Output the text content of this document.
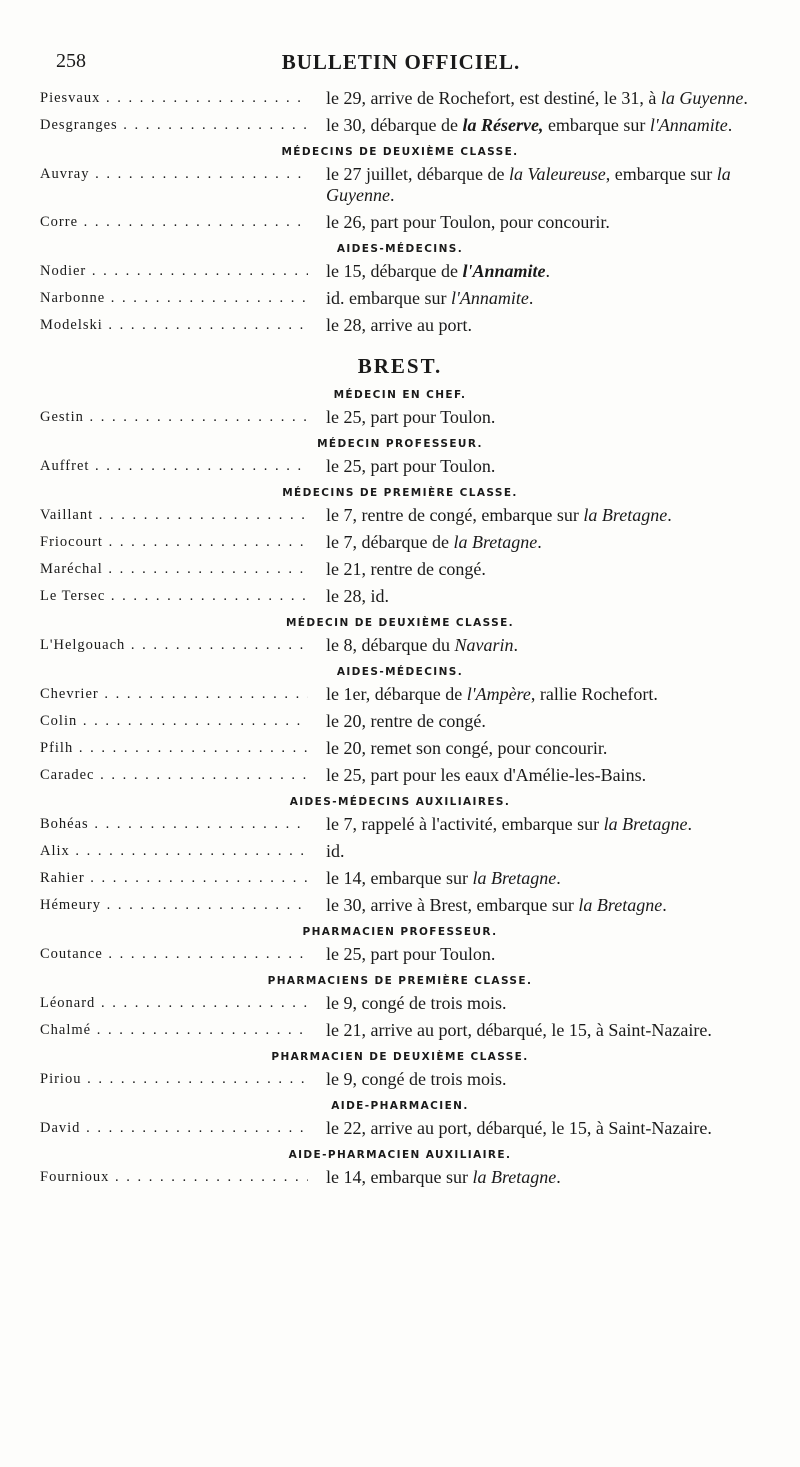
258	BULLETIN OFFICIEL.
Piesvaux . . .	le 29, arrive de Rochefort, est destiné, le 31, à la Guyenne.
Desgranges . . .	le 30, débarque de la Réserve, embarque sur l'Annamite.
MÉDECINS DE DEUXIÈME CLASSE.
Auvray . . .	le 27 juillet, débarque de la Valeureuse, embarque sur la Guyenne.
Corre . . .	le 26, part pour Toulon, pour concourir.
AIDES-MÉDECINS.
Nodier . . .	le 15, débarque de l'Annamite.
Narbonne . . .	id. embarque sur l'Annamite.
Modelski . . .	le 28, arrive au port.
BREST.
MÉDECIN EN CHEF.
Gestin . . .	le 25, part pour Toulon.
MÉDECIN PROFESSEUR.
Auffret . . .	le 25, part pour Toulon.
MÉDECINS DE PREMIÈRE CLASSE.
Vaillant . . .	le 7, rentre de congé, embarque sur la Bretagne.
Friocourt . . .	le 7, débarque de la Bretagne.
Maréchal . . .	le 21, rentre de congé.
Le Tersec . . .	le 28, id.
MÉDECIN DE DEUXIÈME CLASSE.
L'Helgouach . . .	le 8, débarque du Navarin.
AIDES-MÉDECINS.
Chevrier . . .	le 1er, débarque de l'Ampère, rallie Rochefort.
Colin . . .	le 20, rentre de congé.
Pfilh . . .	le 20, remet son congé, pour concourir.
Caradec . . .	le 25, part pour les eaux d'Amélie-les-Bains.
AIDES-MÉDECINS AUXILIAIRES.
Bohéas . . .	le 7, rappelé à l'activité, embarque sur la Bretagne.
Alix . . .	id.
Rahier . . .	le 14, embarque sur la Bretagne.
Hémeury . . .	le 30, arrive à Brest, embarque sur la Bretagne.
PHARMACIEN PROFESSEUR.
Coutance . . .	le 25, part pour Toulon.
PHARMACIENS DE PREMIÈRE CLASSE.
Léonard . . .	le 9, congé de trois mois.
Chalmé . . .	le 21, arrive au port, débarqué, le 15, à Saint-Nazaire.
PHARMACIEN DE DEUXIÈME CLASSE.
Piriou . . .	le 9, congé de trois mois.
AIDE-PHARMACIEN.
David . . .	le 22, arrive au port, débarqué, le 15, à Saint-Nazaire.
AIDE-PHARMACIEN AUXILIAIRE.
Fournioux . . .	le 14, embarque sur la Bretagne.
